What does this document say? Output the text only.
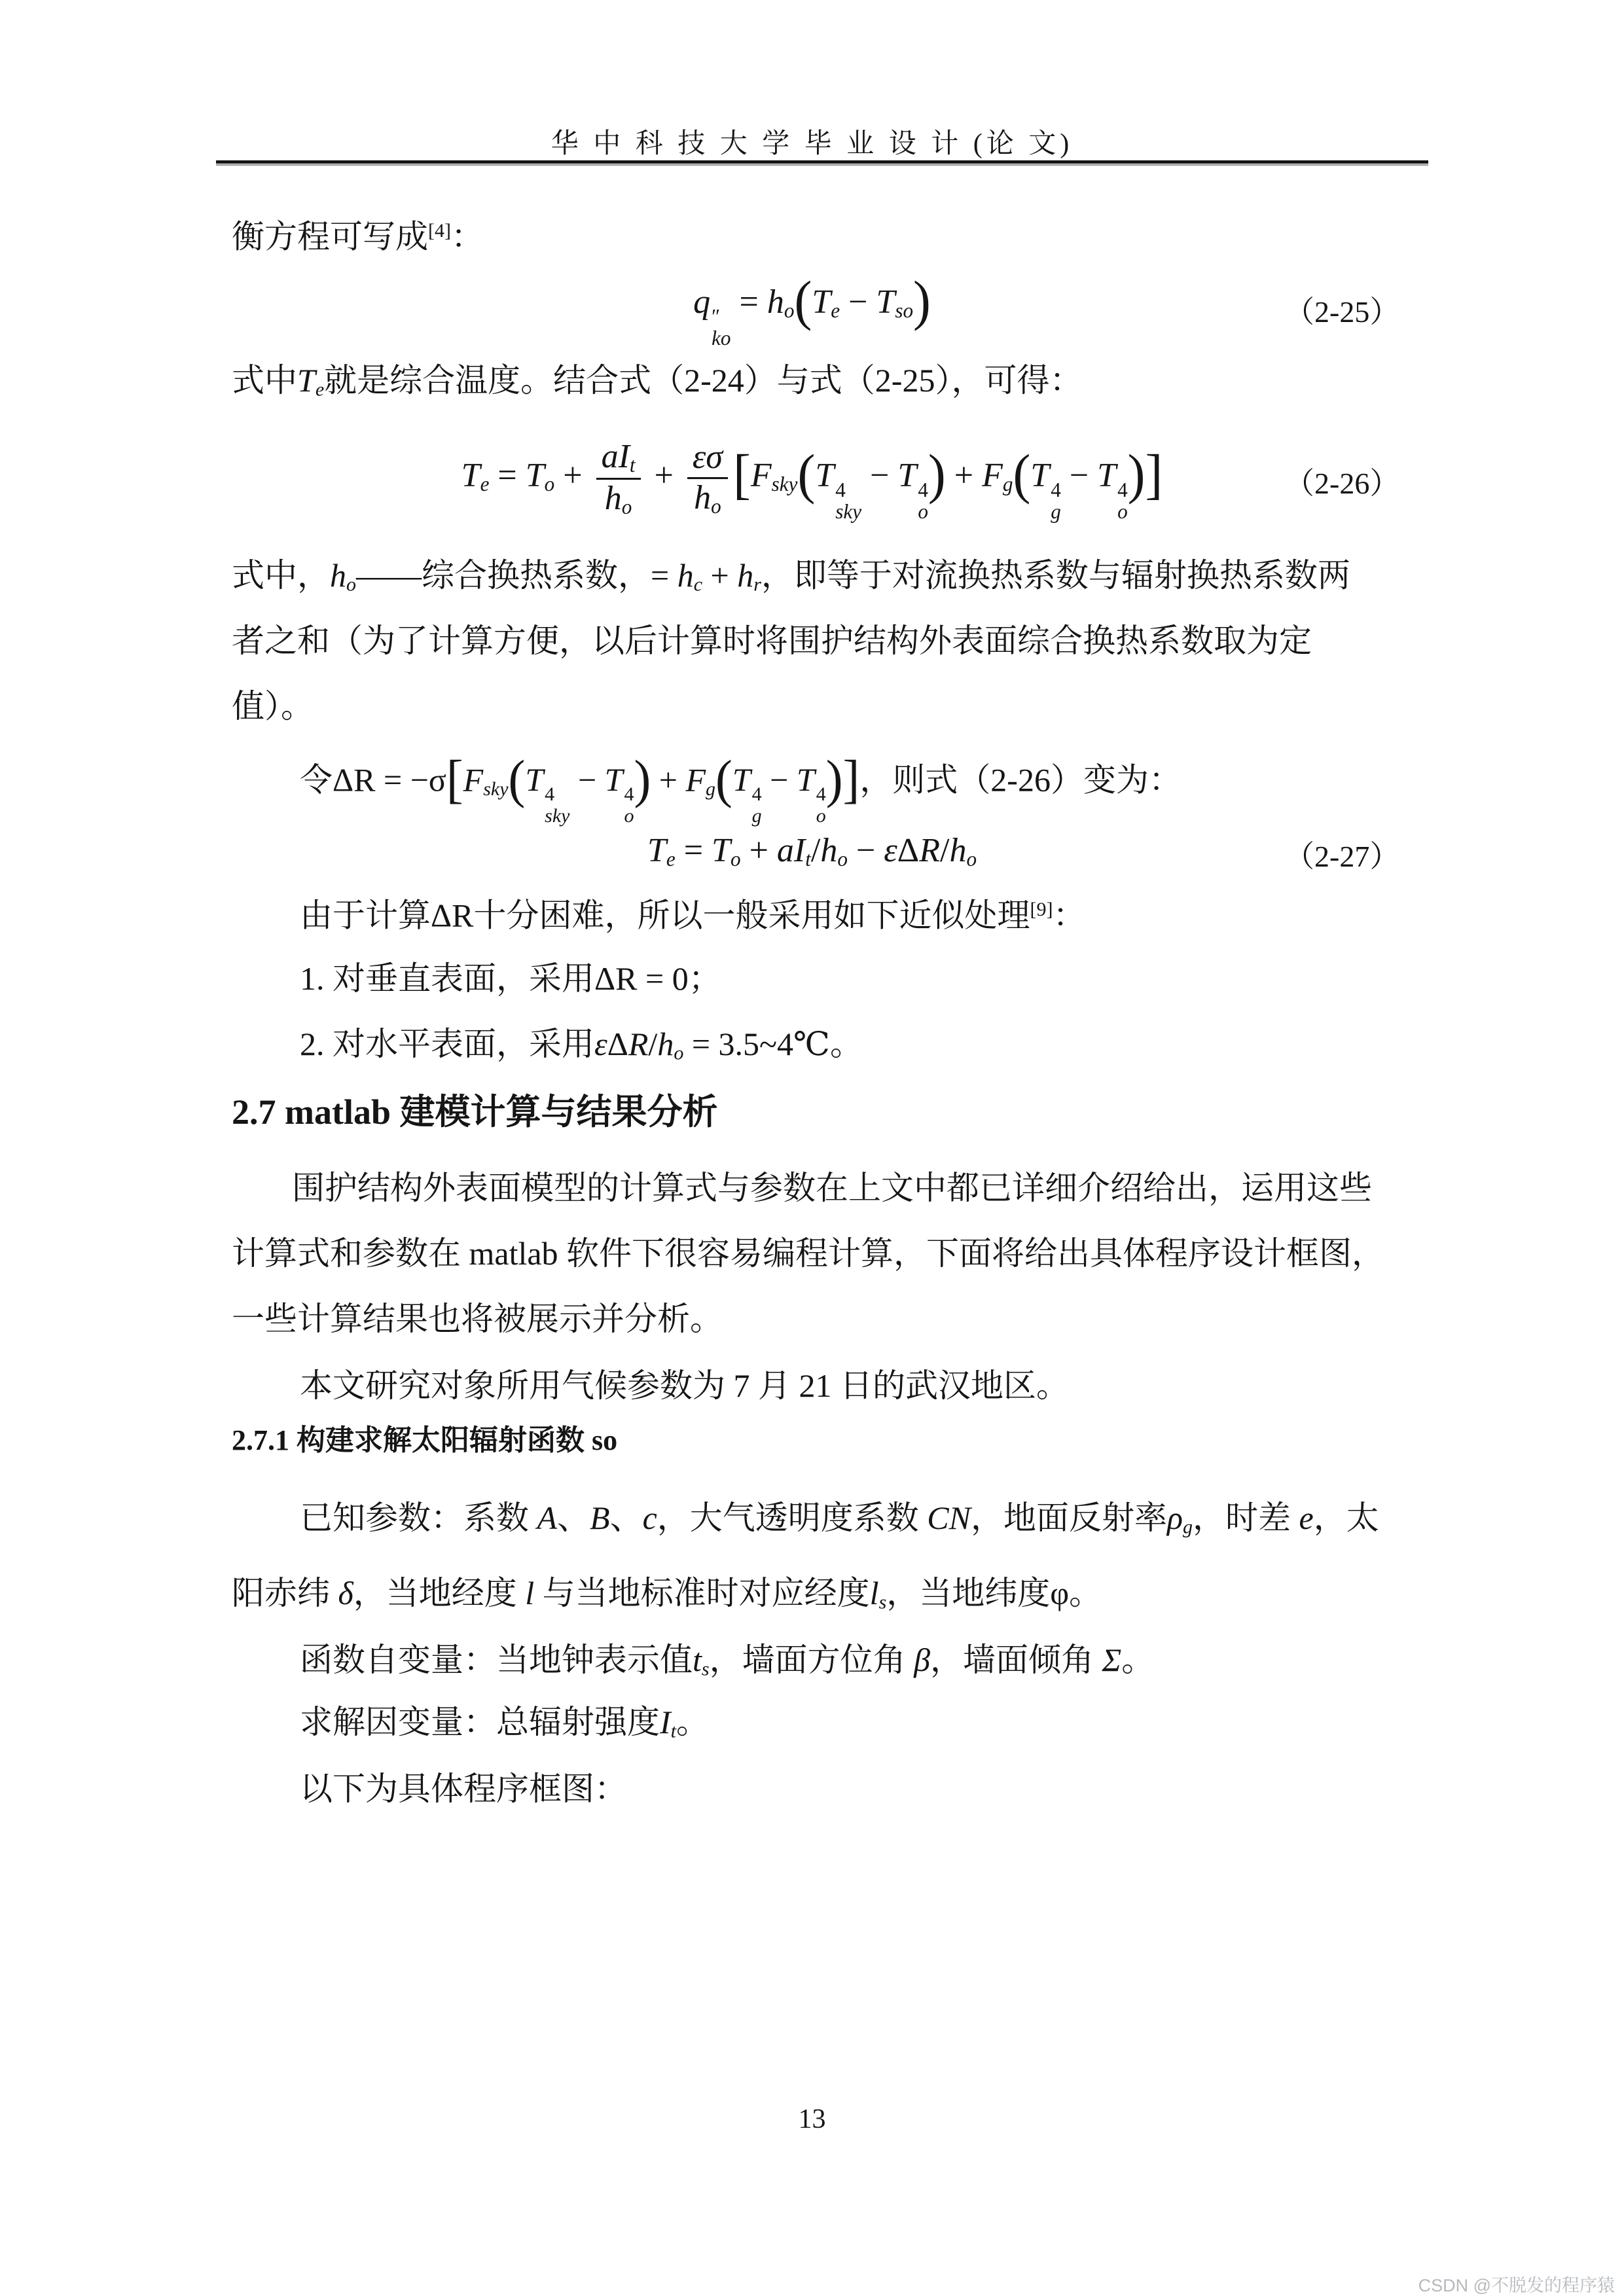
华 中 科 技 大 学 毕 业 设 计 (论 文)
衡方程可写成[4]：
q ″
ko
= ho(Te − Tso)	（2-25）
式中Te就是综合温度。结合式（2-24）与式（2-25），可得：
$Te = To + \frac{\text{aIt}}{ho} + \frac{\varepsilon\sigma}{ho}$ [Fsky(T 4
sky
− T 4
o
) + Fg(T 4
g
− T 4
o
)]	（2-26）
式中，ho——综合换热系数，= hc + hr，即等于对流换热系数与辐射换热系数两
者之和（为了计算方便，以后计算时将围护结构外表面综合换热系数取为定
值）。
令ΔR = −σ[Fsky(T 4
sky
− T 4
o
) + Fg(T 4
g
− T 4
o
)]，则式（2-26）变为：
Te = To + aIt/ho − εΔR/ho	（2-27）
由于计算ΔR十分困难，所以一般采用如下近似处理[9]：
1. 对垂直表面，采用ΔR = 0；
2. 对水平表面，采用εΔR/ho = 3.5~4℃。
2.7 matlab 建模计算与结果分析
围护结构外表面模型的计算式与参数在上文中都已详细介绍给出，运用这些
计算式和参数在 matlab 软件下很容易编程计算，下面将给出具体程序设计框图，
一些计算结果也将被展示并分析。
本文研究对象所用气候参数为 7 月 21 日的武汉地区。
2.7.1 构建求解太阳辐射函数 so
已知参数：系数 A、B、c，大气透明度系数 CN，地面反射率ρg，时差 e，太
阳赤纬 δ，当地经度 l 与当地标准时对应经度ls，当地纬度φ。
函数自变量：当地钟表示值ts，墙面方位角 β，墙面倾角 Σ。
求解因变量：总辐射强度It。
以下为具体程序框图：
13
CSDN @不脱发的程序猿
